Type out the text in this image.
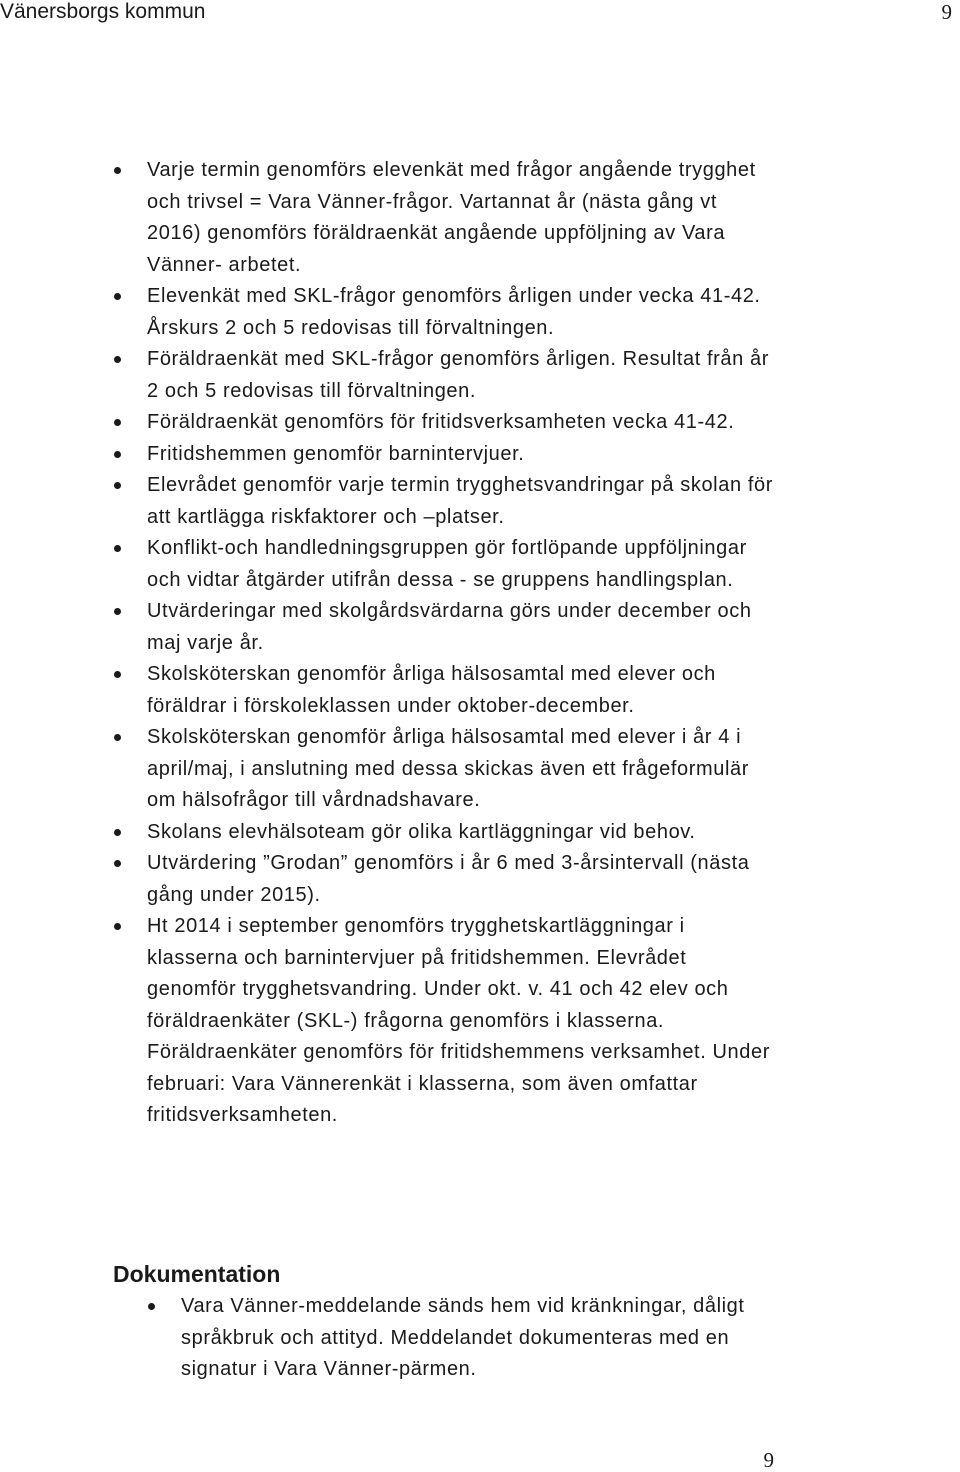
Vänersborgs kommun	9
Varje termin genomförs elevenkät med frågor angående trygghet och trivsel = Vara Vänner-frågor. Vartannat år (nästa gång vt 2016) genomförs föräldraenkät angående uppföljning av Vara Vänner- arbetet.
Elevenkät med SKL-frågor genomförs årligen under vecka 41-42. Årskurs 2 och 5 redovisas till förvaltningen.
Föräldraenkät med SKL-frågor genomförs årligen. Resultat från år 2 och 5 redovisas till förvaltningen.
Föräldraenkät genomförs för fritidsverksamheten vecka 41-42.
Fritidshemmen genomför barnintervjuer.
Elevrådet genomför varje termin trygghetsvandringar på skolan för att kartlägga riskfaktorer och –platser.
Konflikt-och handledningsgruppen gör fortlöpande uppföljningar och vidtar åtgärder utifrån dessa - se gruppens handlingsplan.
Utvärderingar med skolgårdsvärdarna görs under december och maj varje år.
Skolsköterskan genomför årliga hälsosamtal med elever och föräldrar i förskoleklassen under oktober-december.
Skolsköterskan genomför årliga hälsosamtal med elever i år 4 i april/maj, i anslutning med dessa skickas även ett frågeformulär om hälsofrågor till vårdnadshavare.
Skolans elevhälsoteam gör olika kartläggningar vid behov.
Utvärdering ”Grodan” genomförs i år 6 med 3-årsintervall (nästa gång under 2015).
Ht 2014 i september genomförs trygghetskartläggningar i klasserna och barnintervjuer på fritidshemmen. Elevrådet genomför trygghetsvandring. Under okt. v. 41 och 42 elev och föräldraenkäter (SKL-) frågorna genomförs i klasserna. Föräldraenkäter genomförs för fritidshemmens verksamhet. Under februari: Vara Vännerenkät i klasserna, som även omfattar fritidsverksamheten.
Dokumentation
Vara Vänner-meddelande sänds hem vid kränkningar, dåligt språkbruk och attityd. Meddelandet dokumenteras med en signatur i Vara Vänner-pärmen.
9
